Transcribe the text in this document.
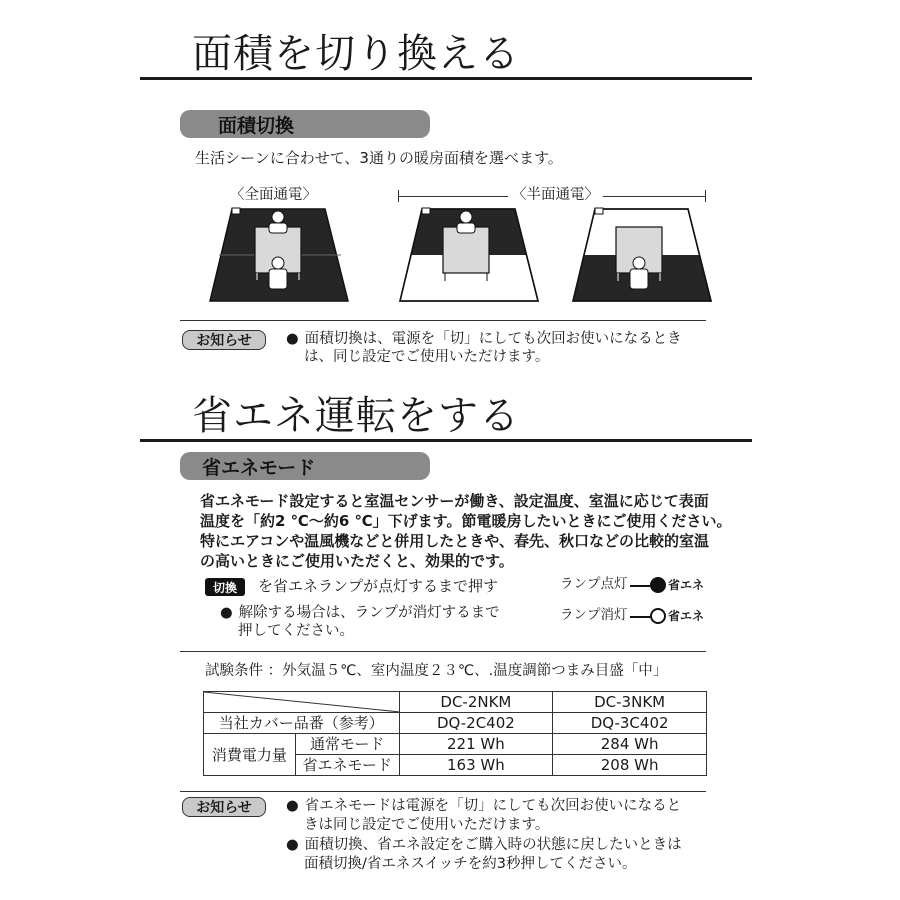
面積を切り換える
面積切換
生活シーンに合わせて、3通りの暖房面積を選べます。
〈全面通電〉	〈半面通電〉
お知らせ	● 面積切換は、電源を「切」にしても次回お使いになるとき
は、同じ設定でご使用いただけます。
省エネ運転をする
省エネモード
省エネモード設定すると室温センサーが働き、設定温度、室温に応じて表面
温度を「約2 ℃～約6 ℃」下げます。節電暖房したいときにご使用ください。
特にエアコンや温風機などと併用したときや、春先、秋口などの比較的室温
の高いときにご使用いただくと、効果的です。
切換	を省エネランプが点灯するまで押す
● 解除する場合は、ランプが消灯するまで
押してください。
ランプ点灯	省エネ
ランプ消灯	省エネ
試験条件 ：外気温５℃、室内温度２３℃、.温度調節つまみ目盛「中」
	DC-2NKM	DC-3NKM
当社カバー品番（参考）		DQ-2C402	DQ-3C402
消費電力量	通常モード	221 Wh	284 Wh
	省エネモード	163 Wh	208 Wh
お知らせ	● 省エネモードは電源を「切」にしても次回お使いになると
きは同じ設定でご使用いただけます。
● 面積切換、省エネ設定をご購入時の状態に戻したいときは
面積切換/省エネスイッチを約3秒押してください。
